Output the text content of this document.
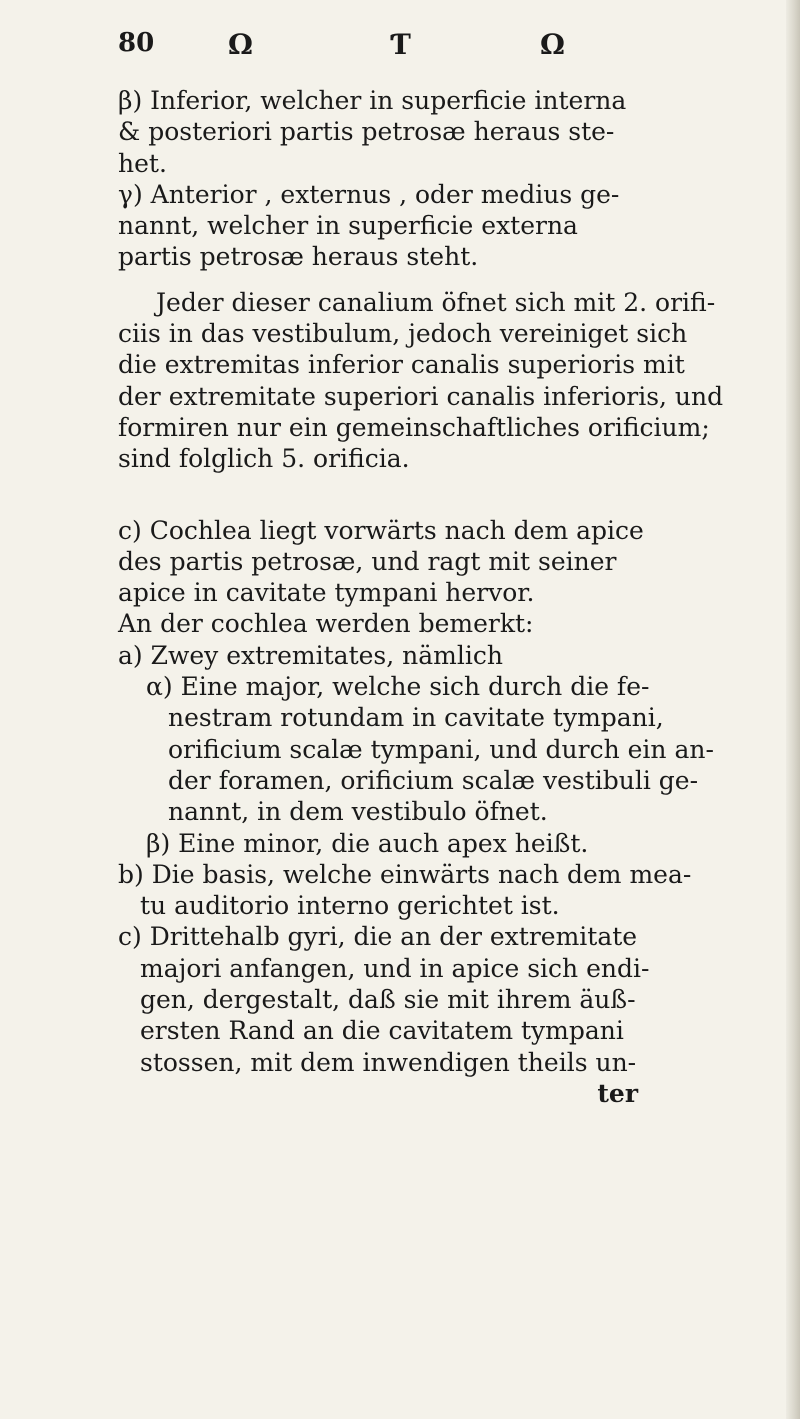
80	Ω	Ƭ	Ω
β) Inferior, welcher in superficie interna
& posteriori partis petrosæ heraus ste-
het.
γ) Anterior , externus , oder medius ge-
nannt, welcher in superficie externa
partis petrosæ heraus steht.
Jeder dieser canalium öfnet sich mit 2. orifi-
ciis in das vestibulum, jedoch vereiniget sich
die extremitas inferior canalis superioris mit
der extremitate superiori canalis inferioris, und
formiren nur ein gemeinschaftliches orificium;
sind folglich 5. orificia.
c) Cochlea liegt vorwärts nach dem apice
des partis petrosæ, und ragt mit seiner
apice in cavitate tympani hervor.
An der cochlea werden bemerkt:
a) Zwey extremitates, nämlich
α) Eine major, welche sich durch die fe-
nestram rotundam in cavitate tympani,
orificium scalæ tympani, und durch ein an-
der foramen, orificium scalæ vestibuli ge-
nannt, in dem vestibulo öfnet.
β) Eine minor, die auch apex heißt.
b) Die basis, welche einwärts nach dem mea-
tu auditorio interno gerichtet ist.
c) Drittehalb gyri, die an der extremitate
majori anfangen, und in apice sich endi-
gen, dergestalt, daß sie mit ihrem äuß-
ersten Rand an die cavitatem tympani
stossen, mit dem inwendigen theils un-
ter
